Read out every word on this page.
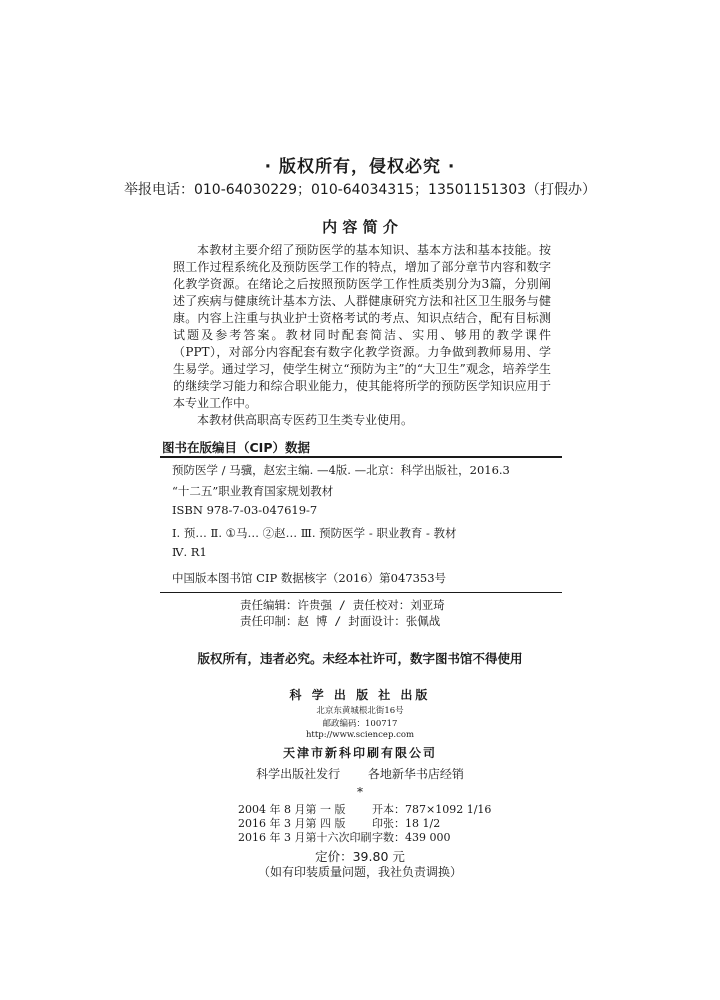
· 版权所有，侵权必究 ·
举报电话：010-64030229；010-64034315；13501151303（打假办）
内 容 简 介

本教材主要介绍了预防医学的基本知识、基本方法和基本技能。按照工作过程系统化及预防医学工作的特点，增加了部分章节内容和数字化教学资源。在绪论之后按照预防医学工作性质类别分为3篇，分别阐述了疾病与健康统计基本方法、人群健康研究方法和社区卫生服务与健康。内容上注重与执业护士资格考试的考点、知识点结合，配有目标测试题及参考答案。教材同时配套简洁、实用、够用的教学课件（PPT），对部分内容配套有数字化教学资源。力争做到教师易用、学生易学。通过学习，使学生树立“预防为主”的“大卫生”观念，培养学生的继续学习能力和综合职业能力，使其能将所学的预防医学知识应用于本专业工作中。

本教材供高职高专医药卫生类专业使用。

图书在版编目（CIP）数据
预防医学 / 马骥，赵宏主编. —4版. —北京：科学出版社，2016.3
“十二五”职业教育国家规划教材
ISBN 978-7-03-047619-7
Ⅰ. 预… Ⅱ. ①马… ②赵… Ⅲ. 预防医学 - 职业教育 - 教材
Ⅳ. R1
中国版本图书馆 CIP 数据核字（2016）第047353号
责任编辑：许贵强 / 责任校对：刘亚琦
责任印制：赵 博 / 封面设计：张佩战
版权所有，违者必究。未经本社许可，数字图书馆不得使用
科 学 出 版 社 出版
北京东黄城根北街16号
邮政编码：100717
http://www.sciencep.com
天津市新科印刷有限公司
科学出版社发行 各地新华书店经销
*
2004 年 8 月第 一 版 开本：787×1092 1/16
2016 年 3 月第 四 版 印张：18 1/2
2016 年 3 月第十六次印刷字数：439 000
定价：39.80 元
（如有印装质量问题，我社负责调换）
